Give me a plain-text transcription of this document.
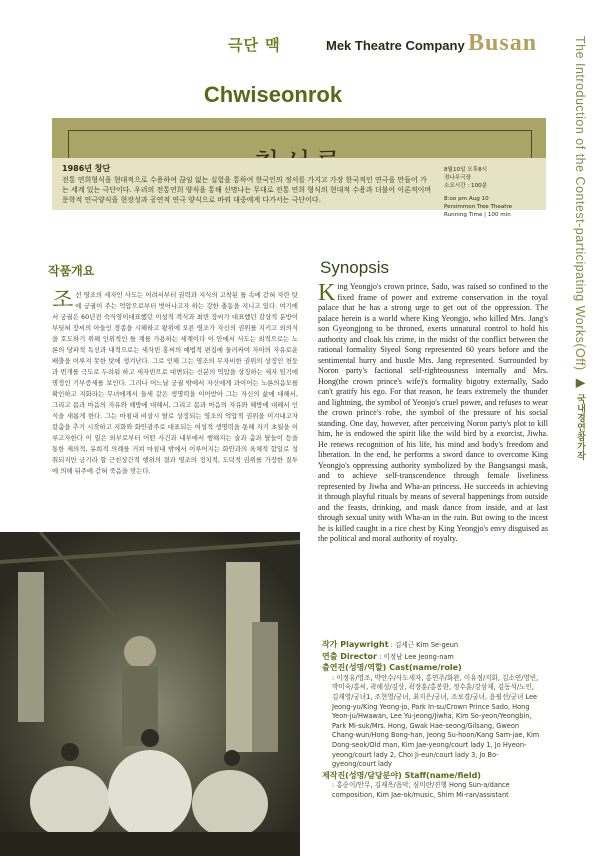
극단 맥	Mek Theatre Company Busan
Chwiseonrok
1986년 창단
전통 연희형식을 현대적으로 수용하여 끊임 없는 실험을 통하여 한국인의 정서를 가지고 가장 한국적인 연극을 만들어 가는 세계 있는 극단이다. 우리의 전통연희 양식을 통해 신명나는 무대로 전통 연희 형식의 현대적 수용과 더불어 이론적이며 문학적 연극양식을 현장성과 공연적 연극 양식으로 바꿔 대중에게 다가서는 극단이다.
8월10일 오후8시
경나무극장
소요시간 : 100분
8:oo pm Aug 10
Persimmon Tree Theatre
Running Time | 100 min	The Introduction of the Contest-participating Works(Off) ▶ 국내경연참가작
작품개요
조선 영조의 세자인 사도는 어려서부터 권력과 지식의 고착된 틀 속에 갇혀 자란 탓에 궁궐이 주는 억압으로부터 벗어나고자 하는 강한 충동을 지니고 있다. 여기에서 궁궐은 60년전 숙식영이대표했던 이성적 격식과 최빈 장씨가 대표했던 감상적 분방이 부딪혀 장씨의 아들인 경종을 시해하고 왕위에 오른 영조가 자신의 권위를 지키고 외의식을 호도하기 위해 인위적인 틀 계를 가용하는 세계이다 이 안에서 사도는 외적으로는 노론의 당파적 독선과 내적으로는 세자빈 홍씨의 예법적 편집에 둘러싸여 자아의 자유로운 배출을 이루지 못한 탓에 생겨난다. 그로 인해 그는 영조의 무자비한 권위의 상징인 천둥과 번개를 극도로 두려워 하고 세자빈으로 대변되는 신분의 억압을 상징하는 세자 임기에 명정인 기부증세를 보인다. 그러나 어느날 궁궐 밖에서 자신에게 과이어는 노론의음모를 확인하고 지화라는 무녀에게서 들세 같은 생명력을 이어받아 그는 자신의 삶에 대해서, 그리고 몸과 마음의 자유와 해방에 대해서, 그리고 몸과 마음의 자유와 해방에 대해서 인식을 새롭게 한다. 그는 마침내 비상시 탈로 상징되는 영조의 억압적 권위을 이겨내고자 칼춤을 추기 시작하고 지화와 화안광주로 대표되는 여성적 생명력을 통해 자기 초월을 이루고자한다 이 일은 외부로부터 어떤 사건과 내부에서 행해지는 술과 춤과 탈놀이 등을 통한 제의적, 유희적 의례를 거쳐 마침내 밖에서 이루어지는 화안과의 육체적 합일로 성취되지만 금기라 할 근친상간적 행위의 결과 영조의 정치적, 도덕적 권위를 가장한 질투에 의해 뒤주에 갇혀 죽음을 맞는다.
Synopsis
King Yeongjo's crown prince, Sado, was raised so confined to the fixed frame of power and extreme conservation in the royal palace that he has a strong urge to get out of the oppression. The palace herein is a world where King Yeongjo, who killed Mrs. Jang's son Gyeongjong to be throned, exerts unnatural control to hold his authority and cloak his crime, in the midst of the conflict between the rational formality Siyeol Song represented 60 years before and the sentimental hurry and bustle Mrs. Jang represented. Surrounded by Noron party's factional self-righteousness internally and Mrs. Hong(the crown prince's wife)'s formality bigotry externally, Sado can't gratify his ego. For that reason, he fears extremely the thunder and lightning, the symbol of Yeonjo's cruel power, and refuses to wear the crown prince's robe, the symbol of the pressure of his social standing. One day, however, after perceiving Noron party's plot to kill him, he is endowed the spirit like the wild bird by a exorcist, Jiwha. He renews recognition of his life, his mind and body's freedom and liberation. In the end, he performs a sword dance to overcome King Yeongjo's oppressing authority symbolized by the Bangsangsi mask, and to achieve self-transcendence through female liveliness represented by Jiwha and Wha-an princess. He succeeds in achieving it through playful rituals by means of several happenings from outside and the feasts, drinking, and mask dance from inside, and at last through sexual unity with Wha-an in the rain. But owing to the incest he is killed caught in a rice chest by King Yeongjo's envy disguised as the political and moral authority of royalty.
작가 Playwright : 김세근 Kim Se-geun
연출 Director : 이정남 Lee Jeong-nam
출연진(성명/역할) Cast(name/role)
: 이정유/영조, 박안수/사도세자, 홍연주/화완, 이유정/지화, 김소연/영빈, 박미숙/홍씨, 곽해성/김상, 곽장훈/홍봉한, 정수훈/강삼재, 김동석/노인, 김재영/궁녀1, 조현영/궁녀, 최지은/궁녀, 조보경/궁녀, 윤필선/궁녀 Lee Jeong-yu/King Yeong-jo, Park In-su/Crown Prince Sado, Hong Yeon-ju/Hwawan, Lee Yu-jeong/Jiwha, Kim So-yeon/Yeongbin, Park Mi-suk/Mrs. Hong, Gwak Hae-seong/Gilsang, Gweon Chang-wun/Hong Bong-han, Jeong Su-hoon/Kang Sam-jae, Kim Dong-seok/Old man, Kim Jae-yeong/court lady 1, Jo Hyeon-yeong/court lady 2, Choi Ji-eun/court lady 3, Jo Bo-gyeong/court lady
제작진(성명/담당분야) Staff(name/field)
: 홍승이/안무, 김재옥/음악, 심미란/진행 Hong Sun-a/dance composition, Kim Jae-ok/music, Shim Mi-ran/assistant
